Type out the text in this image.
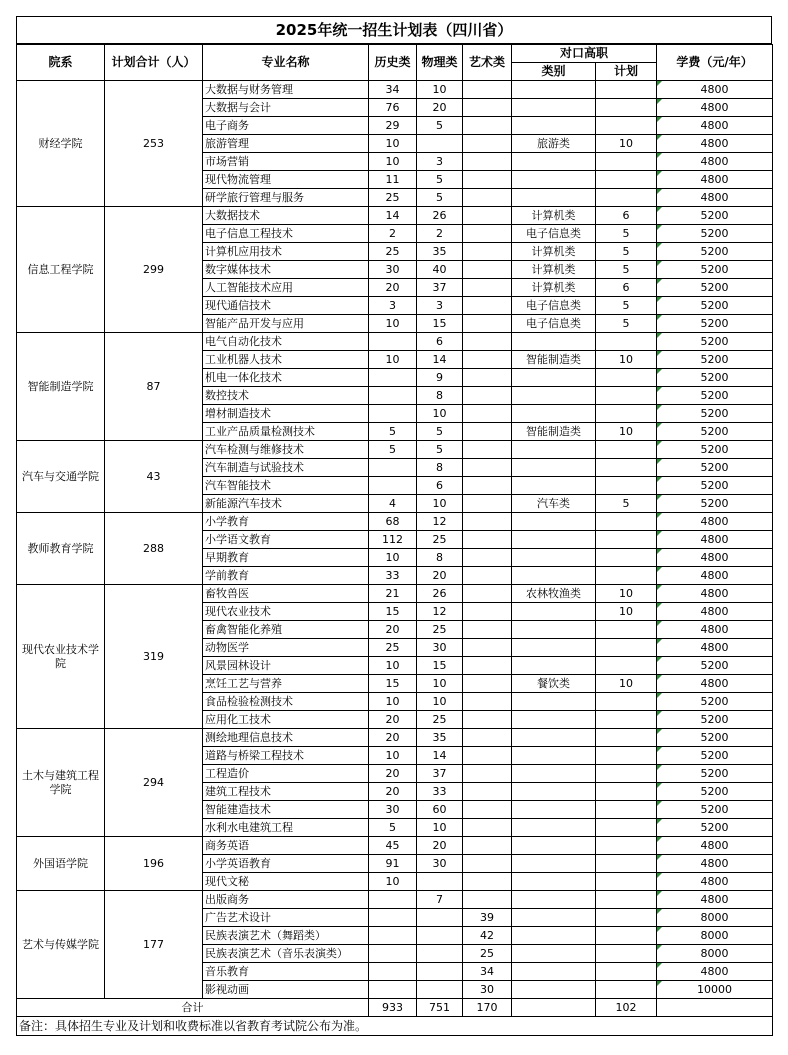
2025年统一招生计划表（四川省）
院系	计划合计（人）	专业名称	历史类	物理类	艺术类	对口高职		学费（元/年）
						类别	计划	
财经学院	253	大数据与财务管理	34	10				4800
		大数据与会计	76	20				4800
		电子商务	29	5				4800
		旅游管理	10			旅游类	10	4800
		市场营销	10	3				4800
		现代物流管理	11	5				4800
		研学旅行管理与服务	25	5				4800
信息工程学院	299	大数据技术	14	26		计算机类	6	5200
		电子信息工程技术	2	2		电子信息类	5	5200
		计算机应用技术	25	35		计算机类	5	5200
		数字媒体技术	30	40		计算机类	5	5200
		人工智能技术应用	20	37		计算机类	6	5200
		现代通信技术	3	3		电子信息类	5	5200
		智能产品开发与应用	10	15		电子信息类	5	5200
智能制造学院	87	电气自动化技术		6				5200
		工业机器人技术	10	14		智能制造类	10	5200
		机电一体化技术		9				5200
		数控技术		8				5200
		增材制造技术		10				5200
		工业产品质量检测技术	5	5		智能制造类	10	5200
汽车与交通学院	43	汽车检测与维修技术	5	5				5200
		汽车制造与试验技术		8				5200
		汽车智能技术		6				5200
		新能源汽车技术	4	10		汽车类	5	5200
教师教育学院	288	小学教育	68	12				4800
		小学语文教育	112	25				4800
		早期教育	10	8				4800
		学前教育	33	20				4800
现代农业技术学院	319	畜牧兽医	21	26		农林牧渔类	10	4800
		现代农业技术	15	12			10	4800
		畜禽智能化养殖	20	25				4800
		动物医学	25	30				4800
		风景园林设计	10	15				5200
		烹饪工艺与营养	15	10		餐饮类	10	4800
		食品检验检测技术	10	10				5200
		应用化工技术	20	25				5200
土木与建筑工程学院	294	测绘地理信息技术	20	35				5200
		道路与桥梁工程技术	10	14				5200
		工程造价	20	37				5200
		建筑工程技术	20	33				5200
		智能建造技术	30	60				5200
		水利水电建筑工程	5	10				5200
外国语学院	196	商务英语	45	20				4800
		小学英语教育	91	30				4800
		现代文秘	10					4800
艺术与传媒学院	177	出版商务		7				4800
		广告艺术设计			39			8000
		民族表演艺术（舞蹈类）			42			8000
		民族表演艺术（音乐表演类）			25			8000
		音乐教育			34			4800
		影视动画			30			10000
合计			933	751	170		102	
备注：具体招生专业及计划和收费标准以省教育考试院公布为准。								
